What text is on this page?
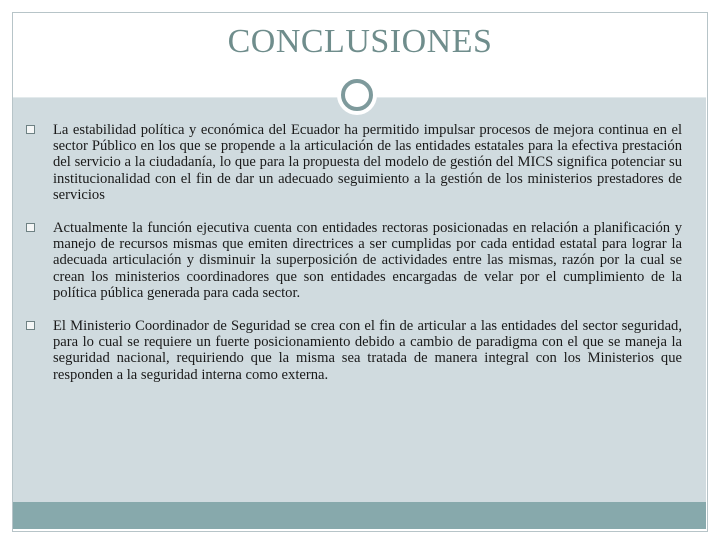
CONCLUSIONES
La estabilidad política y económica del Ecuador ha permitido impulsar procesos de mejora continua en el sector Público en los que se propende a la articulación de las entidades estatales para la efectiva prestación del servicio a la ciudadanía, lo que para la propuesta del modelo de gestión del MICS significa potenciar su institucionalidad con el fin de dar un adecuado seguimiento a la gestión de los ministerios prestadores de servicios
Actualmente la función ejecutiva cuenta con entidades rectoras posicionadas en relación a planificación y manejo de recursos mismas que emiten directrices a ser cumplidas por cada entidad estatal para lograr la adecuada articulación y disminuir la superposición de actividades entre las mismas, razón por la cual se crean los ministerios coordinadores que son entidades encargadas de velar por el cumplimiento de la política pública generada para cada sector.
El Ministerio Coordinador de Seguridad se crea con el fin de articular a las entidades del sector seguridad, para lo cual se requiere un fuerte posicionamiento debido a cambio de paradigma con el que se maneja la seguridad nacional, requiriendo que la misma sea tratada de manera integral con los Ministerios que responden a la seguridad interna como externa.
